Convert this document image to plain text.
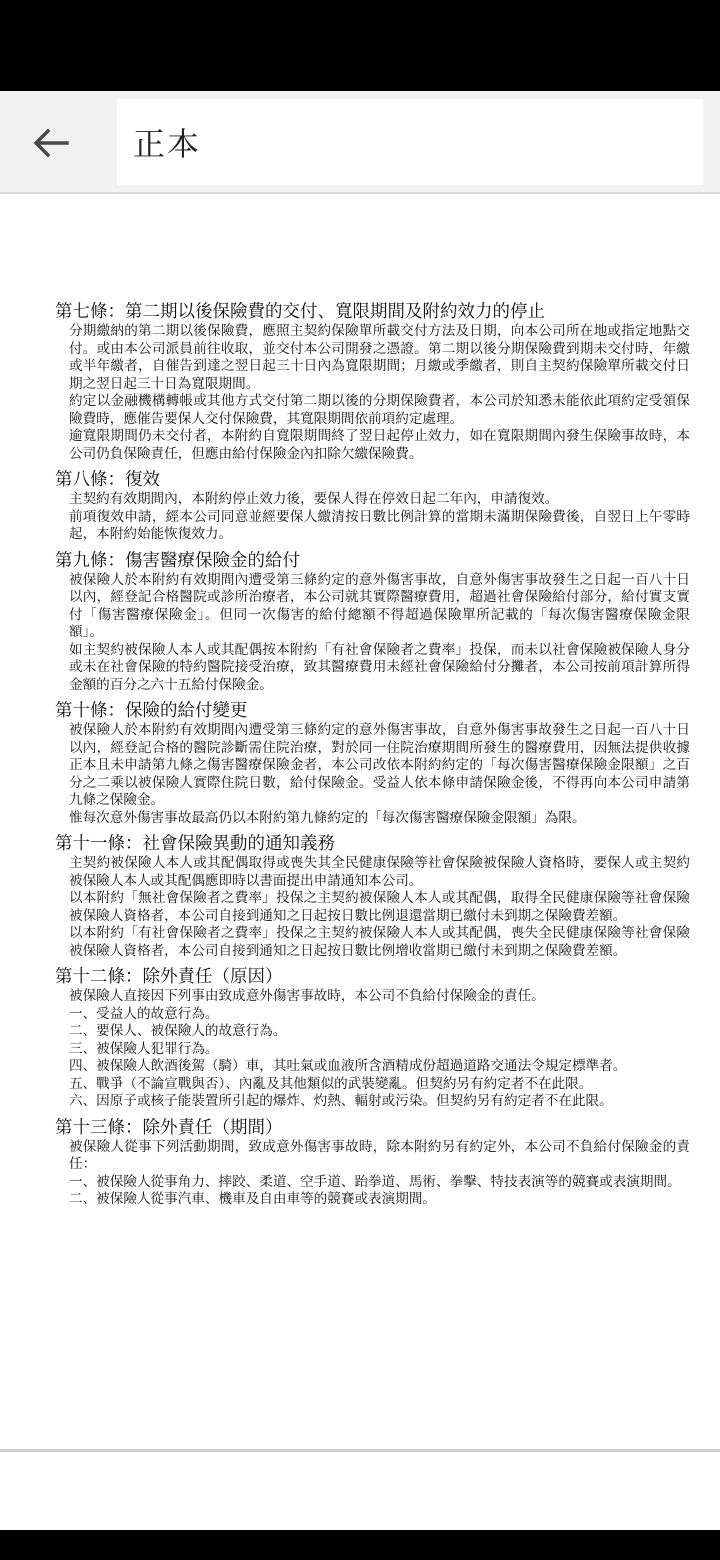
正本
第七條：第二期以後保險費的交付、寬限期間及附約效力的停止
分期繳納的第二期以後保險費，應照主契約保險單所載交付方法及日期，向本公司所在地或指定地點交付。或由本公司派員前往收取，並交付本公司開發之憑證。第二期以後分期保險費到期未交付時，年繳或半年繳者，自催告到達之翌日起三十日內為寬限期間；月繳或季繳者，則自主契約保險單所載交付日期之翌日起三十日為寬限期間。
約定以金融機構轉帳或其他方式交付第二期以後的分期保險費者，本公司於知悉未能依此項約定受領保險費時，應催告要保人交付保險費，其寬限期間依前項約定處理。
逾寬限期間仍未交付者，本附約自寬限期間終了翌日起停止效力，如在寬限期間內發生保險事故時，本公司仍負保險責任，但應由給付保險金內扣除欠繳保險費。
第八條：復效
主契約有效期間內，本附約停止效力後，要保人得在停效日起二年內，申請復效。
前項復效申請，經本公司同意並經要保人繳清按日數比例計算的當期未滿期保險費後，自翌日上午零時起，本附約始能恢復效力。
第九條：傷害醫療保險金的給付
被保險人於本附約有效期間內遭受第三條約定的意外傷害事故，自意外傷害事故發生之日起一百八十日以內，經登記合格醫院或診所治療者，本公司就其實際醫療費用，超過社會保險給付部分，給付實支實付「傷害醫療保險金」。但同一次傷害的給付總額不得超過保險單所記載的「每次傷害醫療保險金限額」。
如主契約被保險人本人或其配偶按本附約「有社會保險者之費率」投保，而未以社會保險被保險人身分或未在社會保險的特約醫院接受治療，致其醫療費用未經社會保險給付分攤者，本公司按前項計算所得金額的百分之六十五給付保險金。
第十條：保險的給付變更
被保險人於本附約有效期間內遭受第三條約定的意外傷害事故，自意外傷害事故發生之日起一百八十日以內，經登記合格的醫院診斷需住院治療，對於同一住院治療期間所發生的醫療費用，因無法提供收據正本且未申請第九條之傷害醫療保險金者，本公司改依本附約約定的「每次傷害醫療保險金限額」之百分之二乘以被保險人實際住院日數，給付保險金。受益人依本條申請保險金後，不得再向本公司申請第九條之保險金。
惟每次意外傷害事故最高仍以本附約第九條約定的「每次傷害醫療保險金限額」為限。
第十一條：社會保險異動的通知義務
主契約被保險人本人或其配偶取得或喪失其全民健康保險等社會保險被保險人資格時，要保人或主契約被保險人本人或其配偶應即時以書面提出申請通知本公司。
以本附約「無社會保險者之費率」投保之主契約被保險人本人或其配偶，取得全民健康保險等社會保險被保險人資格者，本公司自接到通知之日起按日數比例退還當期已繳付未到期之保險費差額。
以本附約「有社會保險者之費率」投保之主契約被保險人本人或其配偶，喪失全民健康保險等社會保險被保險人資格者，本公司自接到通知之日起按日數比例增收當期已繳付未到期之保險費差額。
第十二條：除外責任（原因）
被保險人直接因下列事由致成意外傷害事故時，本公司不負給付保險金的責任。
一、受益人的故意行為。
二、要保人、被保險人的故意行為。
三、被保險人犯罪行為。
四、被保險人飲酒後駕（騎）車，其吐氣或血液所含酒精成份超過道路交通法令規定標準者。
五、戰爭（不論宣戰與否）、內亂及其他類似的武裝變亂。但契約另有約定者不在此限。
六、因原子或核子能裝置所引起的爆炸、灼熱、輻射或污染。但契約另有約定者不在此限。
第十三條：除外責任（期間）
被保險人從事下列活動期間，致成意外傷害事故時，除本附約另有約定外，本公司不負給付保險金的責任：
一、被保險人從事角力、摔跤、柔道、空手道、跆拳道、馬術、拳擊、特技表演等的競賽或表演期間。
二、被保險人從事汽車、機車及自由車等的競賽或表演期間。
